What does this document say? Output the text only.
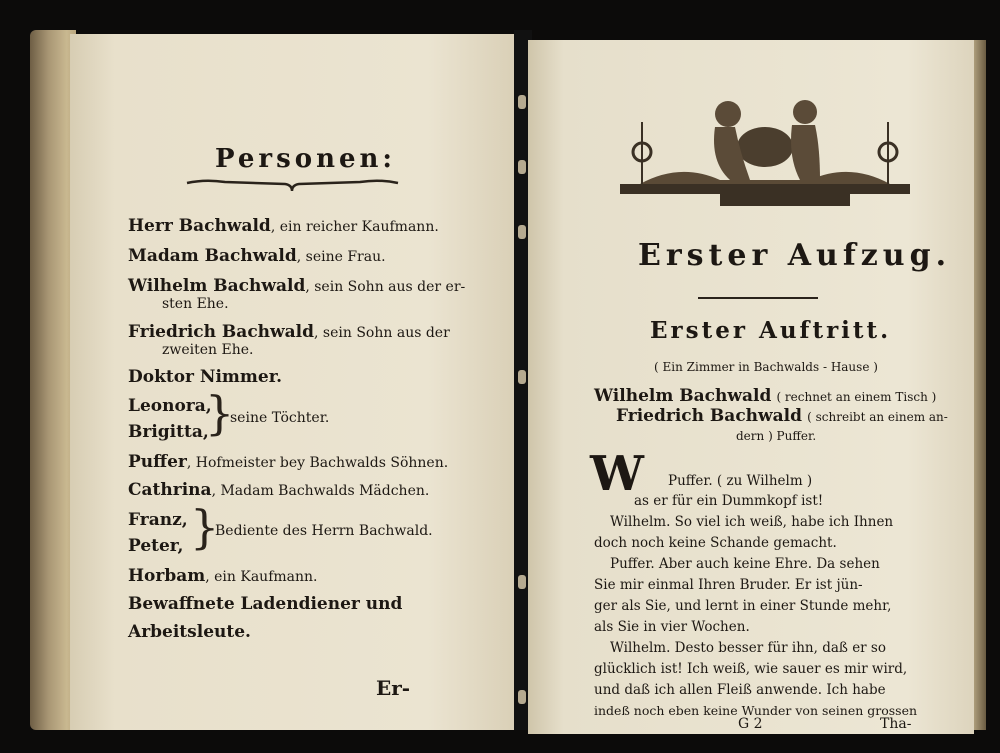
Personen:
Herr Bachwald, ein reicher Kaufmann.
Madam Bachwald, seine Frau.
Wilhelm Bachwald, sein Sohn aus der er-
sten Ehe.
Friedrich Bachwald, sein Sohn aus der
zweiten Ehe.
Doktor Nimmer.
Leonora,
Brigitta,
}
seine Töchter.
Puffer, Hofmeister bey Bachwalds Söhnen.
Cathrina, Madam Bachwalds Mädchen.
Franz,
Peter, }
Bediente des Herrn Bachwald.
Horbam, ein Kaufmann.
Bewaffnete Ladendiener und
Arbeitsleute.
Er-
Erster Aufzug.
Erster Auftritt.
( Ein Zimmer in Bachwalds - Hause )
Wilhelm Bachwald ( rechnet an einem Tisch )
Friedrich Bachwald ( schreibt an einem an-
dern ) Puffer.
W Puffer. ( zu Wilhelm )
as er für ein Dummkopf ist!
Wilhelm. So viel ich weiß, habe ich Ihnen
doch noch keine Schande gemacht.
Puffer. Aber auch keine Ehre. Da sehen
Sie mir einmal Ihren Bruder. Er ist jün-
ger als Sie, und lernt in einer Stunde mehr,
als Sie in vier Wochen.
Wilhelm. Desto besser für ihn, daß er so
glücklich ist! Ich weiß, wie sauer es mir wird,
und daß ich allen Fleiß anwende. Ich habe
indeß noch eben keine Wunder von seinen grossen
G 2	Tha-
